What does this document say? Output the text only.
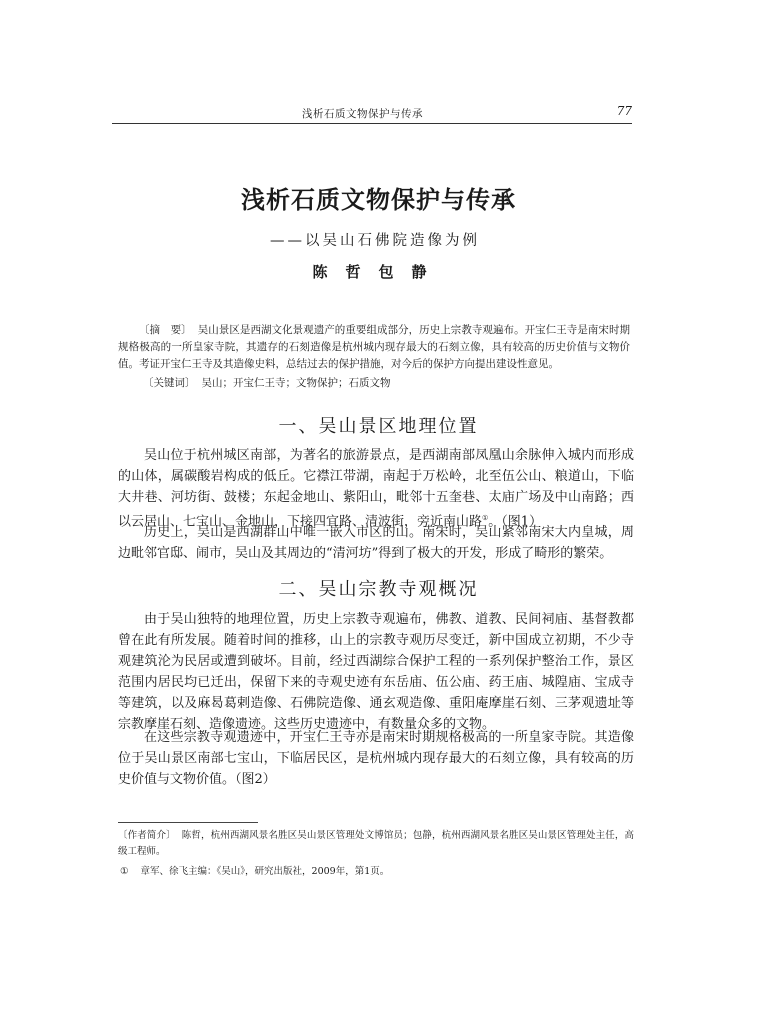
浅析石质文物保护与传承	77
浅析石质文物保护与传承
——以吴山石佛院造像为例
陈哲包静

〔摘　要〕 吴山景区是西湖文化景观遗产的重要组成部分，历史上宗教寺观遍布。开宝仁王寺是南宋时期规格极高的一所皇家寺院，其遗存的石刻造像是杭州城内现存最大的石刻立像，具有较高的历史价值与文物价值。考证开宝仁王寺及其造像史料，总结过去的保护措施，对今后的保护方向提出建设性意见。

〔关键词〕 吴山；开宝仁王寺；文物保护；石质文物

一、吴山景区地理位置

吴山位于杭州城区南部，为著名的旅游景点，是西湖南部凤凰山余脉伸入城内而形成的山体，属碳酸岩构成的低丘。它襟江带湖，南起于万松岭，北至伍公山、粮道山，下临大井巷、河坊街、鼓楼；东起金地山、紫阳山，毗邻十五奎巷、太庙广场及中山南路；西以云居山、七宝山、金地山，下接四宜路、清波街，旁近南山路①。（图1）

历史上，吴山是西湖群山中唯一嵌入市区的山。南宋时，吴山紧邻南宋大内皇城，周边毗邻官邸、闹市，吴山及其周边的“清河坊”得到了极大的开发，形成了畸形的繁荣。

二、吴山宗教寺观概况

由于吴山独特的地理位置，历史上宗教寺观遍布，佛教、道教、民间祠庙、基督教都曾在此有所发展。随着时间的推移，山上的宗教寺观历尽变迁，新中国成立初期，不少寺观建筑沦为民居或遭到破坏。目前，经过西湖综合保护工程的一系列保护整治工作，景区范围内居民均已迁出，保留下来的寺观史迹有东岳庙、伍公庙、药王庙、城隍庙、宝成寺等建筑，以及麻曷葛剌造像、石佛院造像、通玄观造像、重阳庵摩崖石刻、三茅观遗址等宗教摩崖石刻、造像遗迹。这些历史遗迹中，有数量众多的文物。

在这些宗教寺观遗迹中，开宝仁王寺亦是南宋时期规格极高的一所皇家寺院。其造像位于吴山景区南部七宝山，下临居民区，是杭州城内现存最大的石刻立像，具有较高的历史价值与文物价值。（图2）

〔作者简介〕 陈哲，杭州西湖风景名胜区吴山景区管理处文博馆员；包静，杭州西湖风景名胜区吴山景区管理处主任，高级工程师。

① 章军、徐飞主编：《吴山》，研究出版社，2009年，第1页。
